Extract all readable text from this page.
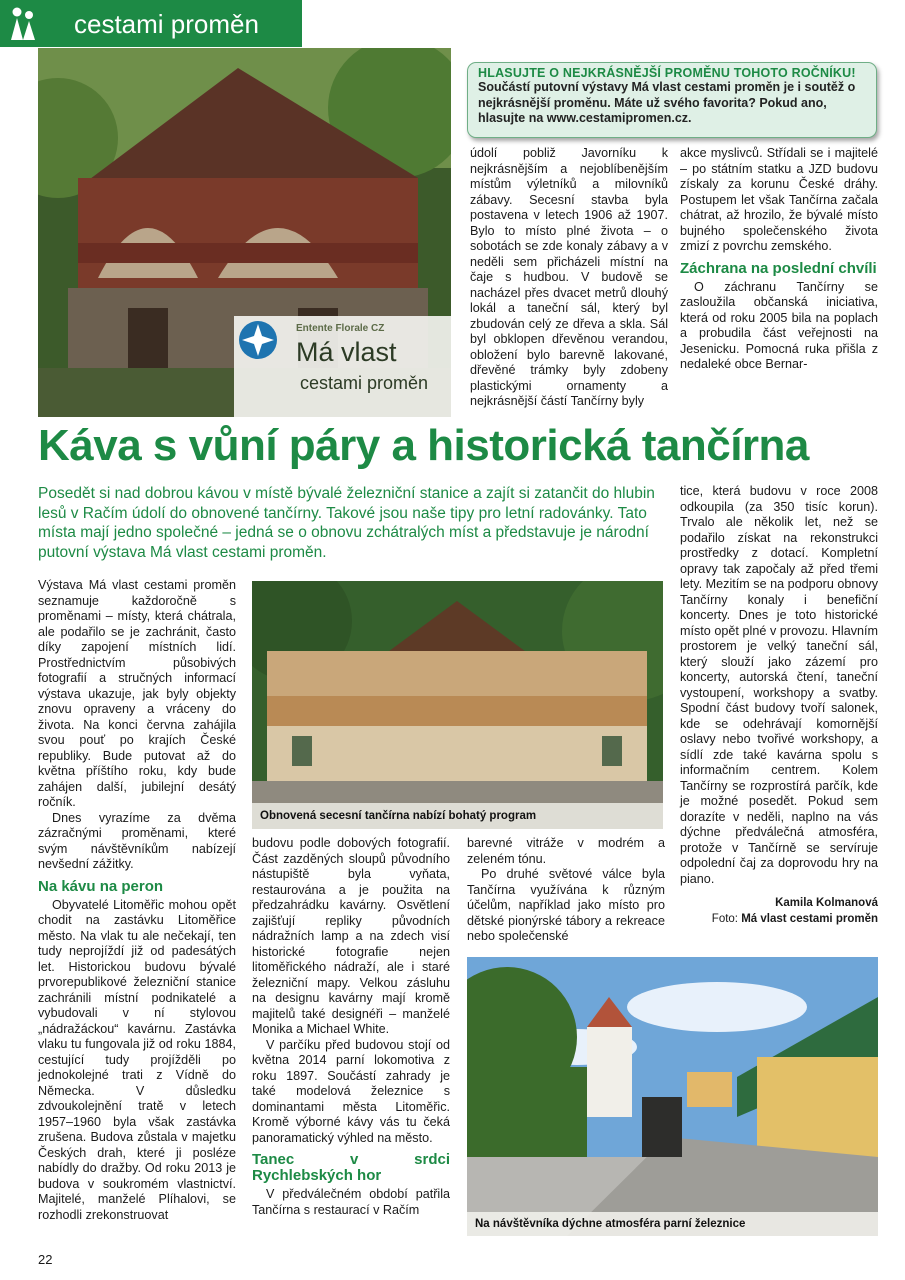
cestami proměn
Entente Florale CZ
Má vlast
cestami proměn
HLASUJTE O NEJKRÁSNĚJŠÍ PROMĚNU TOHOTO ROČNÍKU!
Součástí putovní výstavy Má vlast cestami proměn je i soutěž o nejkrásnější proměnu. Máte už svého favorita? Pokud ano, hlasujte na www.cestamipromen.cz.

údolí pobliž Javorníku k nejkrásnějším a nejoblíbenějším místům výletníků a milovníků zábavy. Secesní stavba byla postavena v letech 1906 až 1907. Bylo to místo plné života – o sobotách se zde konaly zábavy a v neděli sem přicházeli místní na čaje s hudbou. V budově se nacházel přes dvacet metrů dlouhý lokál a taneční sál, který byl zbudován celý ze dřeva a skla. Sál byl obklopen dřevěnou verandou, obložení bylo barevně lakované, dřevěné trámky byly zdobeny plastickými ornamenty a nejkrásnější částí Tančírny byly

akce myslivců. Střídali se i majitelé – po státním statku a JZD budovu získaly za korunu České dráhy. Postupem let však Tančírna začala chátrat, až hrozilo, že bývalé místo bujného společenského života zmizí z povrchu zemského.

Záchrana na poslední chvíli

O záchranu Tančírny se zasloužila občanská iniciativa, která od roku 2005 bila na poplach a probudila část veřejnosti na Jesenicku. Pomocná ruka přišla z nedaleké obce Bernar-

Káva s vůní páry a historická tančírna
Posedět si nad dobrou kávou v místě bývalé železniční stanice a zajít si zatančit do hlubin lesů v Račím údolí do obnovené tančírny. Takové jsou naše tipy pro letní radovánky. Tato místa mají jedno společné – jedná se o obnovu zchátralých míst a představuje je národní putovní výstava Má vlast cestami proměn.

Výstava Má vlast cestami proměn seznamuje každoročně s proměnami – místy, která chátrala, ale podařilo se je zachránit, často díky zapojení místních lidí. Prostřednictvím působivých fotografií a stručných informací výstava ukazuje, jak byly objekty znovu opraveny a vráceny do života. Na konci června zahájila svou pouť po krajích České republiky. Bude putovat až do května příštího roku, kdy bude zahájen další, jubilejní desátý ročník.

Dnes vyrazíme za dvěma zázračnými proměnami, které svým návštěvníkům nabízejí nevšední zážitky.

Na kávu na peron

Obyvatelé Litoměřic mohou opět chodit na zastávku Litoměřice město. Na vlak tu ale nečekají, ten tudy neprojíždí již od padesátých let. Historickou budovu bývalé prvorepublikové železniční stanice zachránili místní podnikatelé a vybudovali v ní stylovou „nádražáckou“ kavárnu. Zastávka vlaku tu fungovala již od roku 1884, cestující tudy projížděli po jednokolejné trati z Vídně do Německa. V důsledku zdvoukolejnění tratě v letech 1957–1960 byla však zastávka zrušena. Budova zůstala v majetku Českých drah, které ji posléze nabídly do dražby. Od roku 2013 je budova v soukromém vlastnictví. Majitelé, manželé Plíhalovi, se rozhodli zrekonstruovat

Obnovená secesní tančírna nabízí bohatý program

budovu podle dobových fotografií. Část zazděných sloupů původního nástupiště byla vyňata, restaurována a je použita na předzahrádku kavárny. Osvětlení zajišťují repliky původních nádražních lamp a na zdech visí historické fotografie nejen litoměřického nádraží, ale i staré železniční mapy. Velkou zásluhu na designu kavárny mají kromě majitelů také designéři – manželé Monika a Michael White.

V parčíku před budovou stojí od května 2014 parní lokomotiva z roku 1897. Součástí zahrady je také modelová železnice s dominantami města Litoměřic. Kromě výborné kávy vás tu čeká panoramatický výhled na město.

Tanec v srdci Rychlebských hor

V předválečném období patřila Tančírna s restaurací v Račím

barevné vitráže v modrém a zeleném tónu.

Po druhé světové válce byla Tančírna využívána k různým účelům, například jako místo pro dětské pionýrské tábory a rekreace nebo společenské

tice, která budovu v roce 2008 odkoupila (za 350 tisíc korun). Trvalo ale několik let, než se podařilo získat na rekonstrukci prostředky z dotací. Kompletní opravy tak započaly až před třemi lety. Mezitím se na podporu obnovy Tančírny konaly i benefiční koncerty. Dnes je toto historické místo opět plné v provozu. Hlavním prostorem je velký taneční sál, který slouží jako zázemí pro koncerty, autorská čtení, taneční vystoupení, workshopy a svatby. Spodní část budovy tvoří salonek, kde se odehrávají komornější oslavy nebo tvořivé workshopy, a sídlí zde také kavárna spolu s informačním centrem. Kolem Tančírny se rozprostírá parčík, kde je možné posedět. Pokud sem dorazíte v neděli, naplno na vás dýchne předválečná atmosféra, protože v Tančírně se servíruje odpolední čaj za doprovodu hry na piano.

Kamila Kolmanová
Foto: Má vlast cestami proměn
Na návštěvníka dýchne atmosféra parní železnice
22
